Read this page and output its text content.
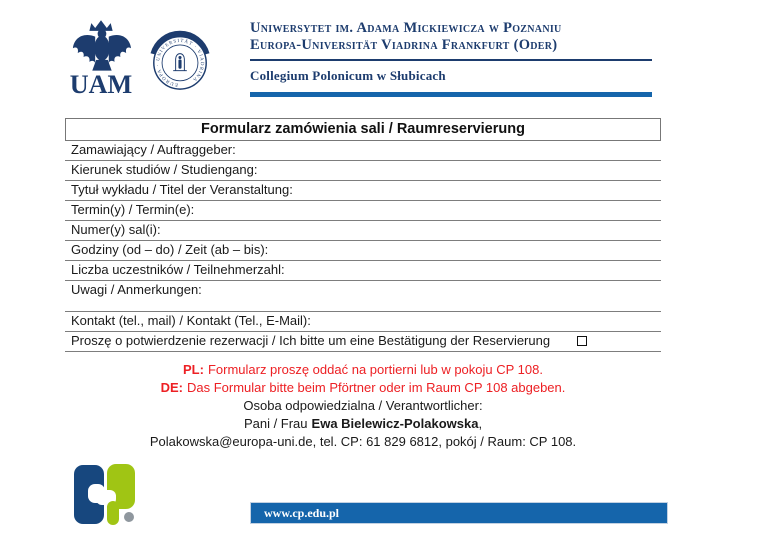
UAM	EUROPA · UNIVERSITÄT · VIADRINA
Uniwersytet im. Adama Mickiewicza w Poznaniu
Europa-Universität Viadrina Frankfurt (Oder)
Collegium Polonicum w Słubicach
Formularz zamówienia sali / Raumreservierung
Zamawiający / Auftraggeber:
Kierunek studiów / Studiengang:
Tytuł wykładu / Titel der Veranstaltung:
Termin(y) / Termin(e):
Numer(y) sal(i):
Godziny (od – do) / Zeit (ab – bis):
Liczba uczestników / Teilnehmerzahl:
Uwagi / Anmerkungen:
Kontakt (tel., mail) / Kontakt (Tel., E-Mail):
Proszę o potwierdzenie rezerwacji / Ich bitte um eine Bestätigung der Reservierung
PL: Formularz proszę oddać na portierni lub w pokoju CP 108.
DE: Das Formular bitte beim Pförtner oder im Raum CP 108 abgeben.
Osoba odpowiedzialna / Verantwortlicher:
Pani / Frau Ewa Bielewicz-Polakowska,
Polakowska@europa-uni.de, tel. CP: 61 829 6812, pokój / Raum: CP 108.
www.cp.edu.pl
